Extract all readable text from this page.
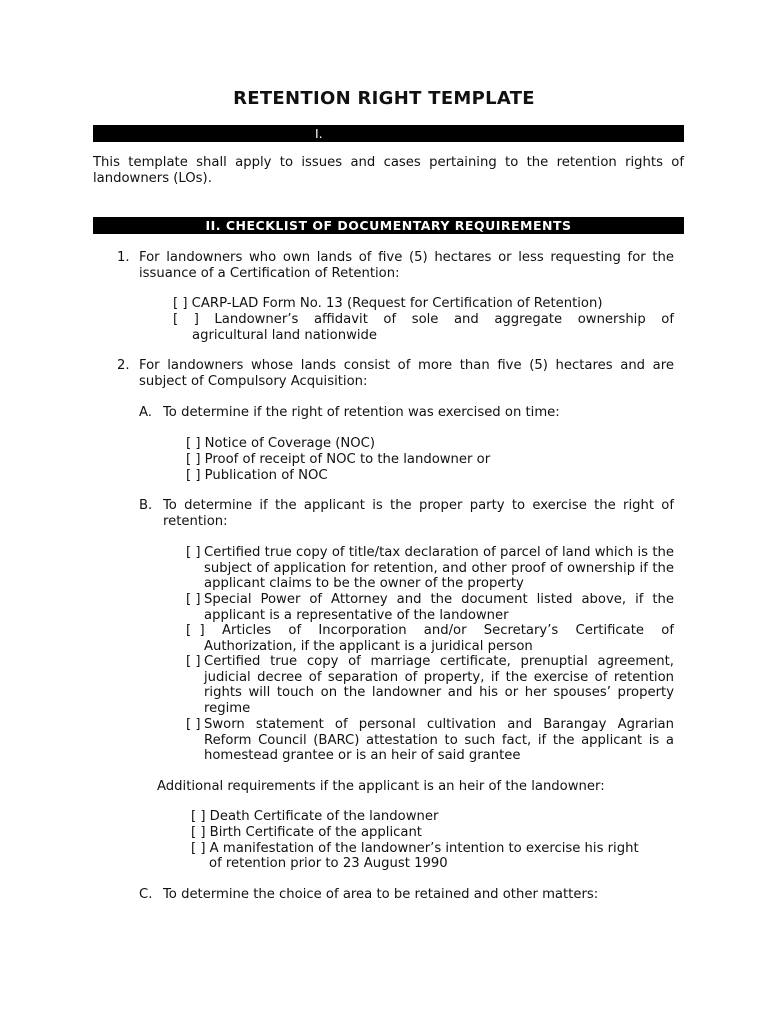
RETENTION RIGHT TEMPLATE
I.
This template shall apply to issues and cases pertaining to the retention rights of landowners (LOs).
II. CHECKLIST OF DOCUMENTARY REQUIREMENTS
1. For landowners who own lands of five (5) hectares or less requesting for the issuance of a Certification of Retention:
[ ] CARP-LAD Form No. 13 (Request for Certification of Retention)
[  ]  Landowner’s  affidavit  of  sole  and  aggregate  ownership  of
agricultural land nationwide
2. For landowners whose lands consist of more than five (5) hectares and are subject of Compulsory Acquisition:
A. To determine if the right of retention was exercised on time:
[ ] Notice of Coverage (NOC)
[ ] Proof of receipt of NOC to the landowner or
[ ] Publication of NOC
B. To determine if the applicant is the proper party to exercise the right of retention:
[ ] Certified true copy of title/tax declaration of parcel of land which is the subject of application for retention, and other proof of ownership if the applicant claims to be the owner of the property
[ ] Special Power of Attorney and the document listed above, if the applicant is a representative of the landowner
[  ]	Articles of Incorporation and/or Secretary’s Certificate of Authorization, if the applicant is a juridical person
[ ] Certified true copy of marriage certificate, prenuptial agreement, judicial decree of separation of property, if the exercise of retention rights will touch on the landowner and his or her spouses’ property regime
[ ] Sworn statement of personal cultivation and Barangay Agrarian Reform Council (BARC) attestation to such fact, if the applicant is a homestead grantee or is an heir of said grantee
Additional requirements if the applicant is an heir of the landowner:
[ ] Death Certificate of the landowner
[ ] Birth Certificate of the applicant
[ ] A manifestation of the landowner’s intention to exercise his right
of retention prior to 23 August 1990
C. To determine the choice of area to be retained and other matters:
